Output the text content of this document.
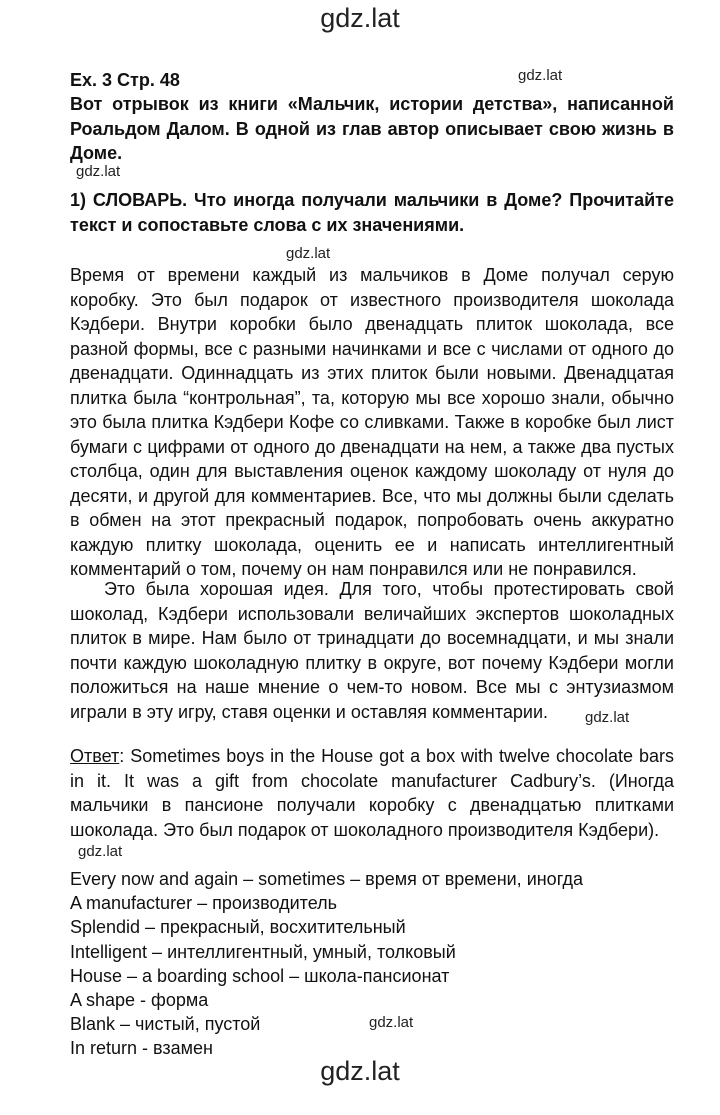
gdz.lat
gdz.lat
gdz.lat
gdz.lat
gdz.lat
gdz.lat
gdz.lat
gdz.lat
Ex. 3 Стр. 48
Вот отрывок из книги «Мальчик, истории детства», написанной Роальдом Далом. В одной из глав автор описывает свою жизнь в Доме.
1) СЛОВАРЬ. Что иногда получали мальчики в Доме? Прочитайте текст и сопоставьте слова с их значениями.
Время от времени каждый из мальчиков в Доме получал серую коробку. Это был подарок от известного производителя шоколада Кэдбери. Внутри коробки было двенадцать плиток шоколада, все разной формы, все с разными начинками и все с числами от одного до двенадцати. Одиннадцать из этих плиток были новыми. Двенадцатая плитка была “контрольная”, та, которую мы все хорошо знали, обычно это была плитка Кэдбери Кофе со сливками. Также в коробке был лист бумаги с цифрами от одного до двенадцати на нем, а также два пустых столбца, один для выставления оценок каждому шоколаду от нуля до десяти, и другой для комментариев. Все, что мы должны были сделать в обмен на этот прекрасный подарок, попробовать очень аккуратно каждую плитку шоколада, оценить ее и написать интеллигентный комментарий о том, почему он нам понравился или не понравился.
Это была хорошая идея. Для того, чтобы протестировать свой шоколад, Кэдбери использовали величайших экспертов шоколадных плиток в мире. Нам было от тринадцати до восемнадцати, и мы знали почти каждую шоколадную плитку в округе, вот почему Кэдбери могли положиться на наше мнение о чем-то новом. Все мы с энтузиазмом играли в эту игру, ставя оценки и оставляя комментарии.
Ответ: Sometimes boys in the House got a box with twelve chocolate bars in it. It was a gift from chocolate manufacturer Cadbury’s. (Иногда мальчики в пансионе получали коробку с двенадцатью плитками шоколада. Это был подарок от шоколадного производителя Кэдбери).
Every now and again – sometimes – время от времени, иногда
A manufacturer – производитель
Splendid – прекрасный, восхитительный
Intelligent – интеллигентный, умный, толковый
House – a boarding school – школа-пансионат
A shape - форма
Blank – чистый, пустой
In return - взамен
